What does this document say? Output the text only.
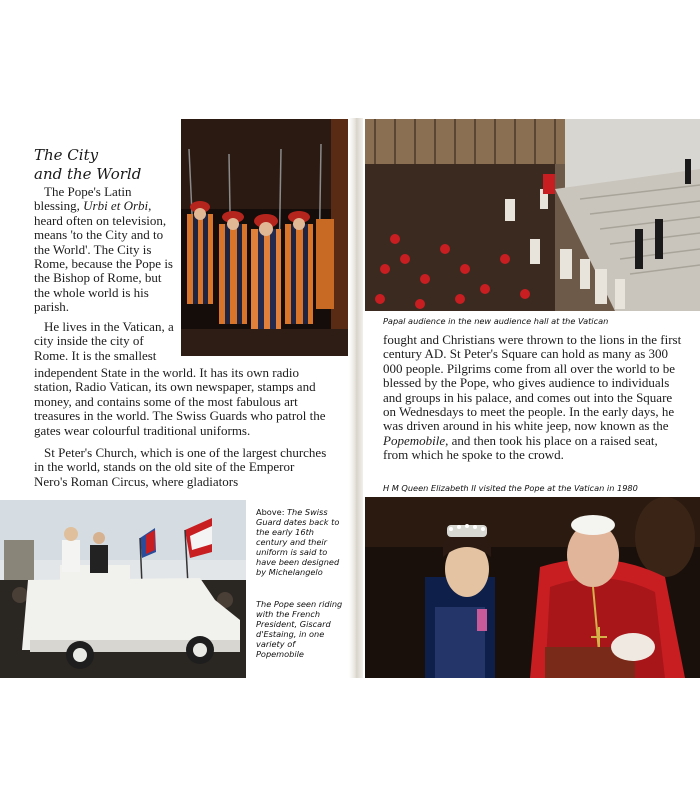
The City
and the World

The Pope's Latin blessing, Urbi et Orbi, heard often on television, means 'to the City and to the World'. The City is Rome, because the Pope is the Bishop of Rome, but the whole world is his parish.

He lives in the Vatican, a city inside the city of Rome. It is the smallest

independent State in the world. It has its own radio station, Radio Vatican, its own newspaper, stamps and money, and contains some of the most fabulous art treasures in the world. The Swiss Guards who patrol the gates wear colourful traditional uniforms.

St Peter's Church, which is one of the largest churches in the world, stands on the old site of the Emperor Nero's Roman Circus, where gladiators

fought and Christians were thrown to the lions in the first century AD. St Peter's Square can hold as many as 300 000 people. Pilgrims come from all over the world to be blessed by the Pope, who gives audience to individuals and groups in his palace, and comes out into the Square on Wednesdays to meet the people. In the early days, he was driven around in his white jeep, now known as the Popemobile, and then took his place on a raised seat, from which he spoke to the crowd.

Papal audience in the new audience hall at the Vatican
Above: The Swiss Guard dates back to the early 16th century and their uniform is said to have been designed by Michelangelo
The Pope seen riding with the French President, Giscard d'Estaing, in one variety of Popemobile
H M Queen Elizabeth II visited the Pope at the Vatican in 1980
